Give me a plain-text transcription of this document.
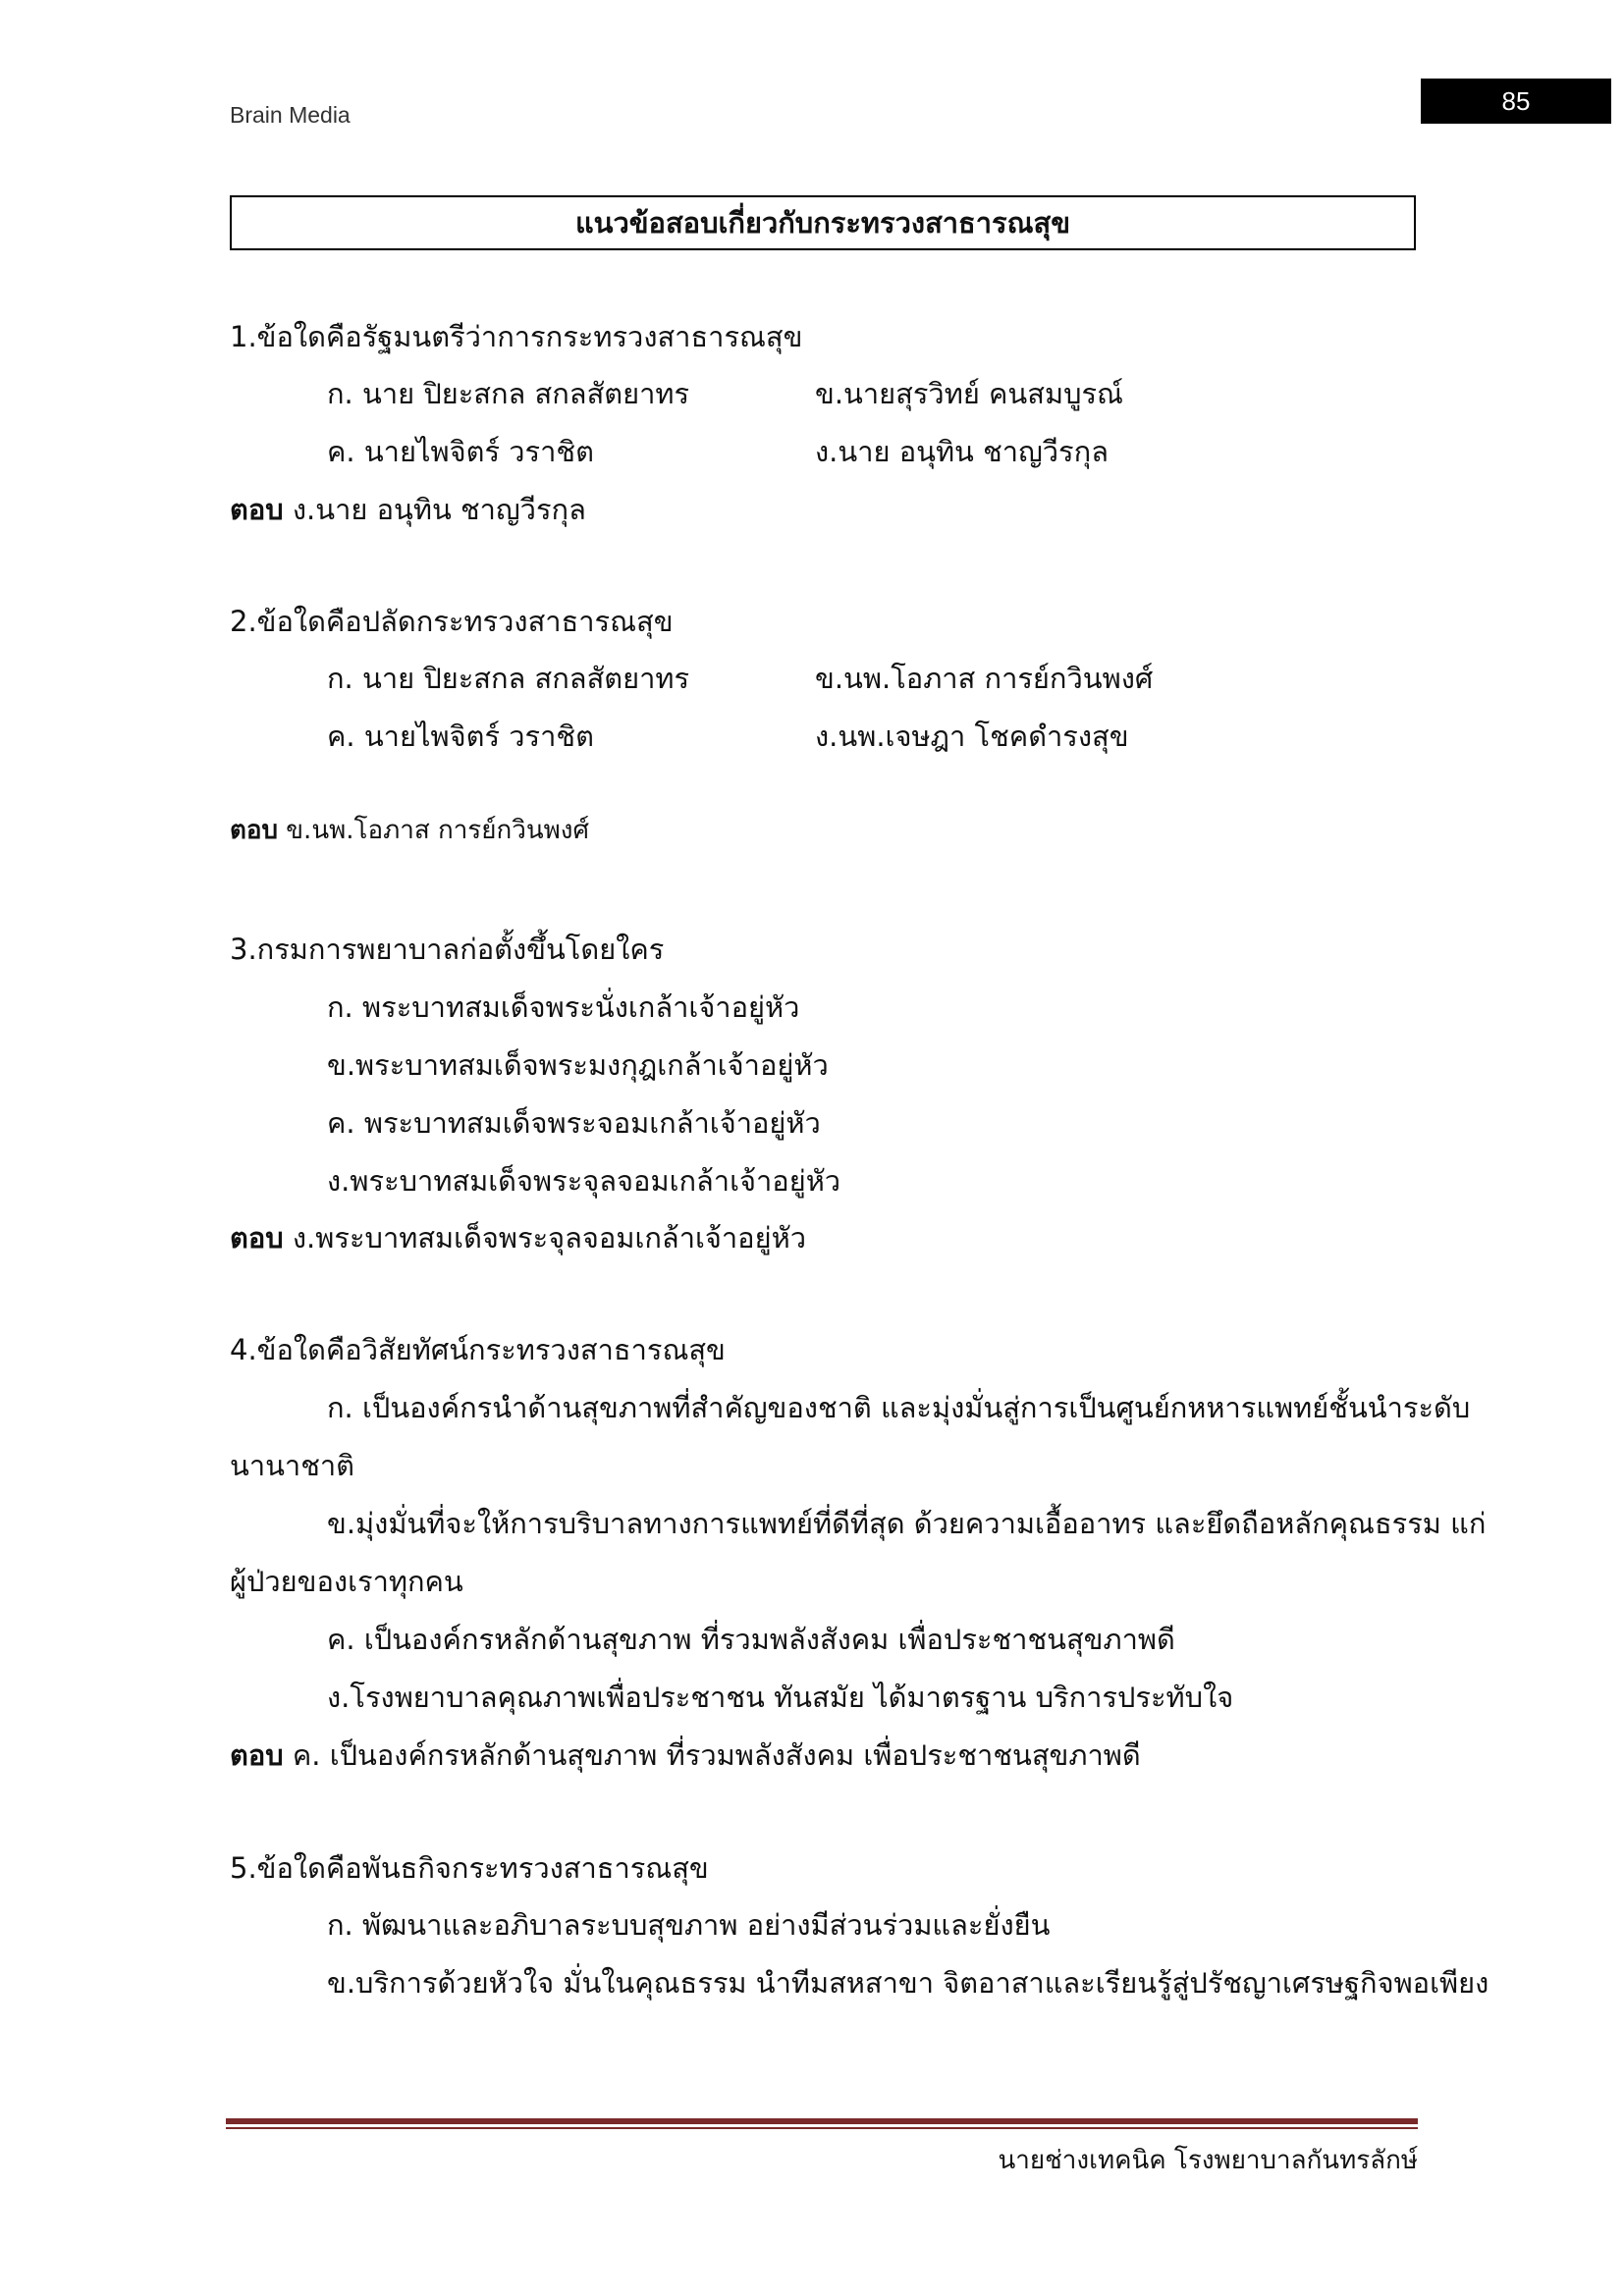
Brain Media	85
แนวข้อสอบเกี่ยวกับกระทรวงสาธารณสุข
1.ข้อใดคือรัฐมนตรีว่าการกระทรวงสาธารณสุข
ก. นาย ปิยะสกล สกลสัตยาทร	ข.นายสุรวิทย์ คนสมบูรณ์
ค. นายไพจิตร์ วราชิต	ง.นาย อนุทิน ชาญวีรกุล
ตอบ ง.นาย อนุทิน ชาญวีรกุล
2.ข้อใดคือปลัดกระทรวงสาธารณสุข
ก. นาย ปิยะสกล สกลสัตยาทร	ข.นพ.โอภาส การย์กวินพงศ์
ค. นายไพจิตร์ วราชิต	ง.นพ.เจษฎา โชคดำรงสุข
ตอบ ข.นพ.โอภาส การย์กวินพงศ์
3.กรมการพยาบาลก่อตั้งขึ้นโดยใคร
ก. พระบาทสมเด็จพระนั่งเกล้าเจ้าอยู่หัว
ข.พระบาทสมเด็จพระมงกุฎเกล้าเจ้าอยู่หัว
ค. พระบาทสมเด็จพระจอมเกล้าเจ้าอยู่หัว
ง.พระบาทสมเด็จพระจุลจอมเกล้าเจ้าอยู่หัว
ตอบ ง.พระบาทสมเด็จพระจุลจอมเกล้าเจ้าอยู่หัว
4.ข้อใดคือวิสัยทัศน์กระทรวงสาธารณสุข
ก. เป็นองค์กรนำด้านสุขภาพที่สำคัญของชาติ และมุ่งมั่นสู่การเป็นศูนย์กหหารแพทย์ชั้นนำระดับ
นานาชาติ
ข.มุ่งมั่นที่จะให้การบริบาลทางการแพทย์ที่ดีที่สุด ด้วยความเอื้ออาทร และยึดถือหลักคุณธรรม แก่
ผู้ป่วยของเราทุกคน
ค. เป็นองค์กรหลักด้านสุขภาพ ที่รวมพลังสังคม เพื่อประชาชนสุขภาพดี
ง.โรงพยาบาลคุณภาพเพื่อประชาชน ทันสมัย ได้มาตรฐาน บริการประทับใจ
ตอบ ค. เป็นองค์กรหลักด้านสุขภาพ ที่รวมพลังสังคม เพื่อประชาชนสุขภาพดี
5.ข้อใดคือพันธกิจกระทรวงสาธารณสุข
ก. พัฒนาและอภิบาลระบบสุขภาพ อย่างมีส่วนร่วมและยั่งยืน
ข.บริการด้วยหัวใจ มั่นในคุณธรรม นำทีมสหสาขา จิตอาสาและเรียนรู้สู่ปรัชญาเศรษฐกิจพอเพียง
นายช่างเทคนิค โรงพยาบาลกันทรลักษ์
